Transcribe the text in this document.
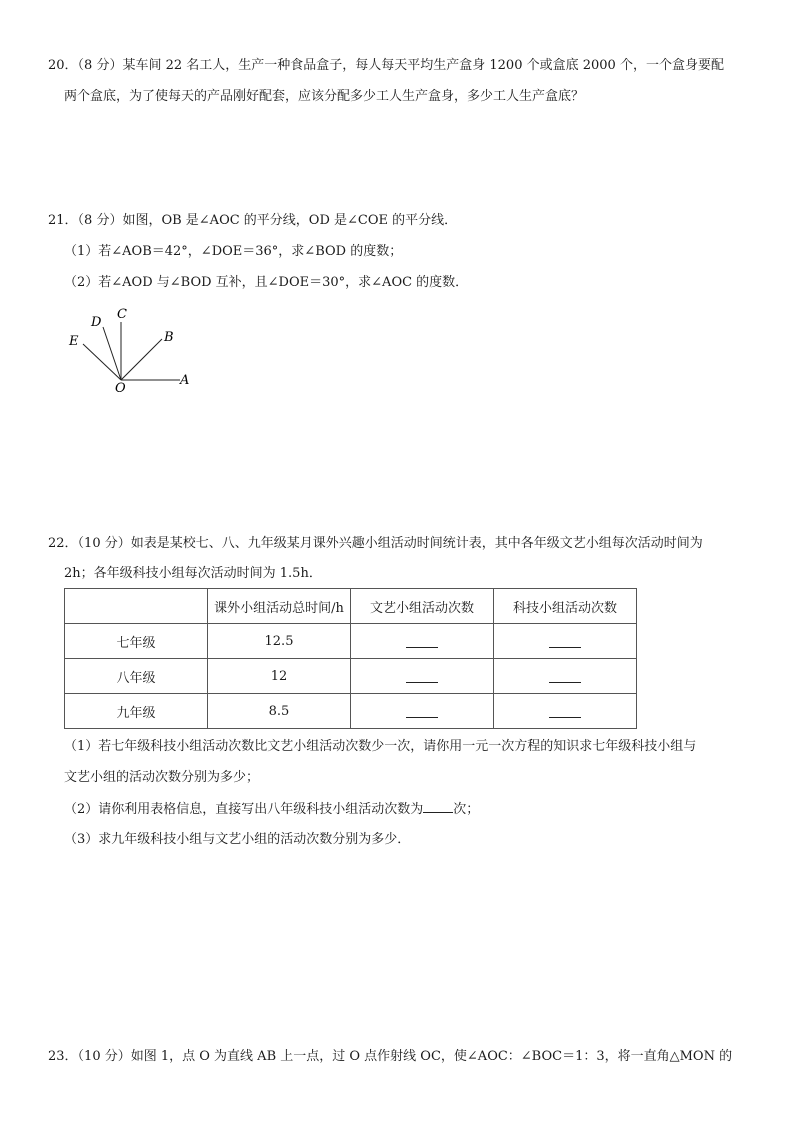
20．（8 分）某车间 22 名工人，生产一种食品盒子，每人每天平均生产盒身 1200 个或盒底 2000 个，一个盒身要配
两个盒底，为了使每天的产品刚好配套，应该分配多少工人生产盒身，多少工人生产盒底？
21．（8 分）如图，OB 是∠AOC 的平分线，OD 是∠COE 的平分线．
（1）若∠AOB＝42°，∠DOE＝36°，求∠BOD 的度数；
（2）若∠AOD 与∠BOD 互补，且∠DOE＝30°，求∠AOC 的度数．
E
D
C
B
O
A
22．（10 分）如表是某校七、八、九年级某月课外兴趣小组活动时间统计表，其中各年级文艺小组每次活动时间为
2h；各年级科技小组每次活动时间为 1.5h．
	课外小组活动总时间/h	文艺小组活动次数	科技小组活动次数
七年级	12.5		
八年级	12		
九年级	8.5		
（1）若七年级科技小组活动次数比文艺小组活动次数少一次，请你用一元一次方程的知识求七年级科技小组与
文艺小组的活动次数分别为多少；
（2）请你利用表格信息，直接写出八年级科技小组活动次数为 次；
（3）求九年级科技小组与文艺小组的活动次数分别为多少．
23．（10 分）如图 1，点 O 为直线 AB 上一点，过 O 点作射线 OC，使∠AOC：∠BOC＝1：3，将一直角△MON 的
